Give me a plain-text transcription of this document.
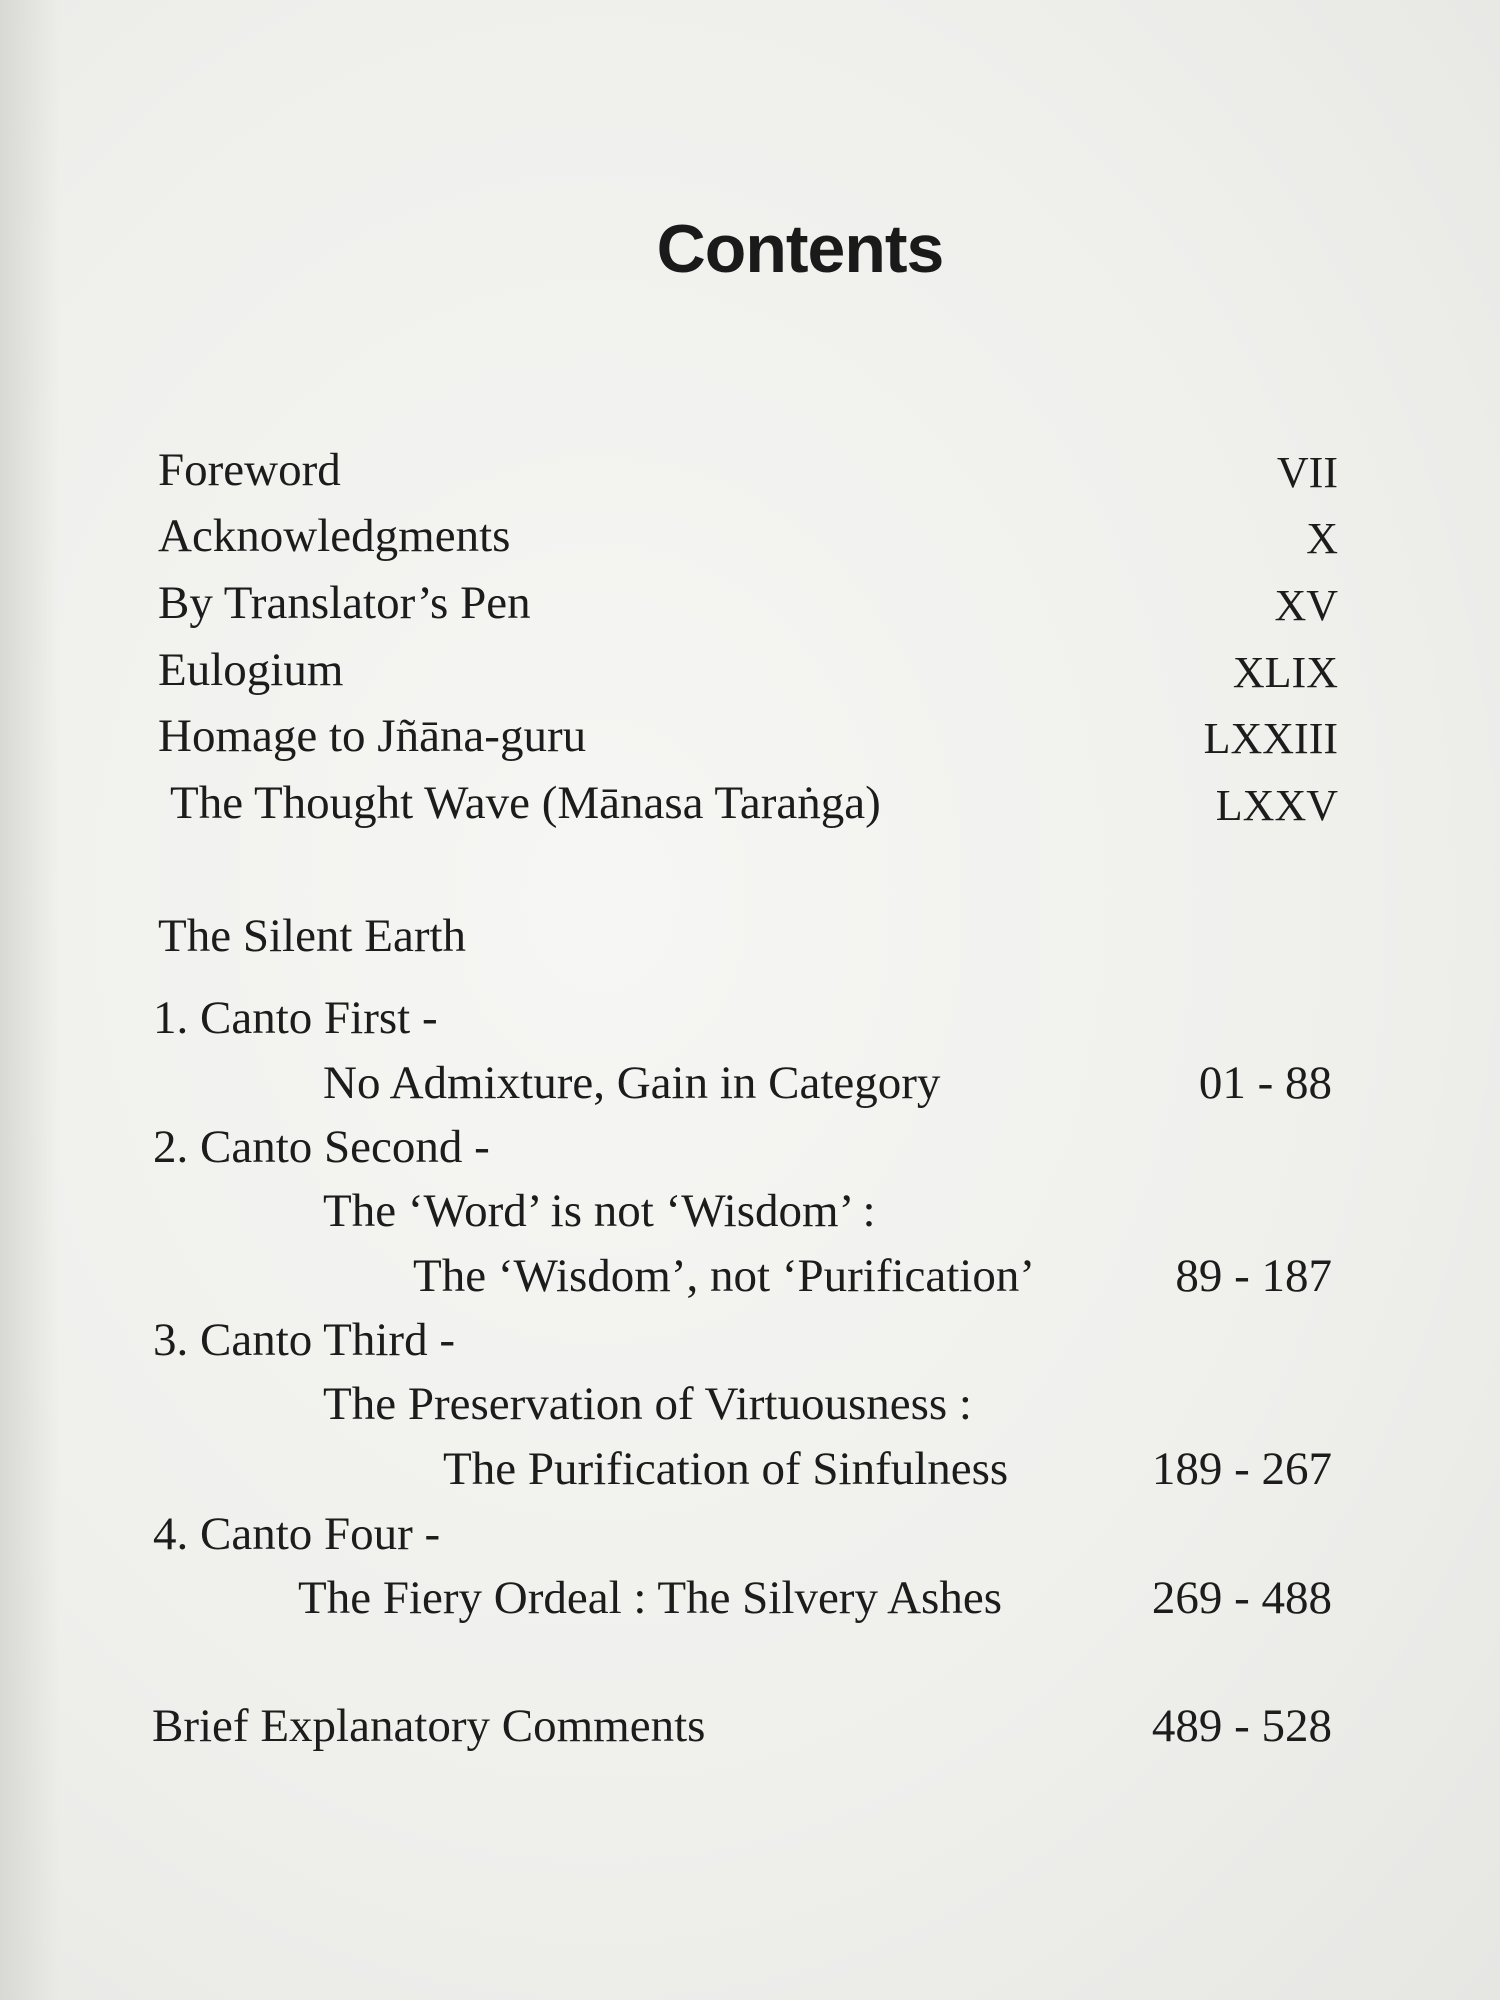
Contents
Foreword	VII
Acknowledgments	X
By Translator’s Pen	XV
Eulogium	XLIX
Homage to Jñāna-guru	LXXIII
The Thought Wave (Mānasa Taraṅga)	LXXV
The Silent Earth
1. Canto First -
No Admixture, Gain in Category	01 - 88
2. Canto Second -
The ‘Word’ is not ‘Wisdom’ :
The ‘Wisdom’, not ‘Purification’	89 - 187
3. Canto Third -
The Preservation of Virtuousness :
The Purification of Sinfulness	189 - 267
4. Canto Four -
The Fiery Ordeal : The Silvery Ashes	269 - 488
Brief Explanatory Comments	489 - 528
